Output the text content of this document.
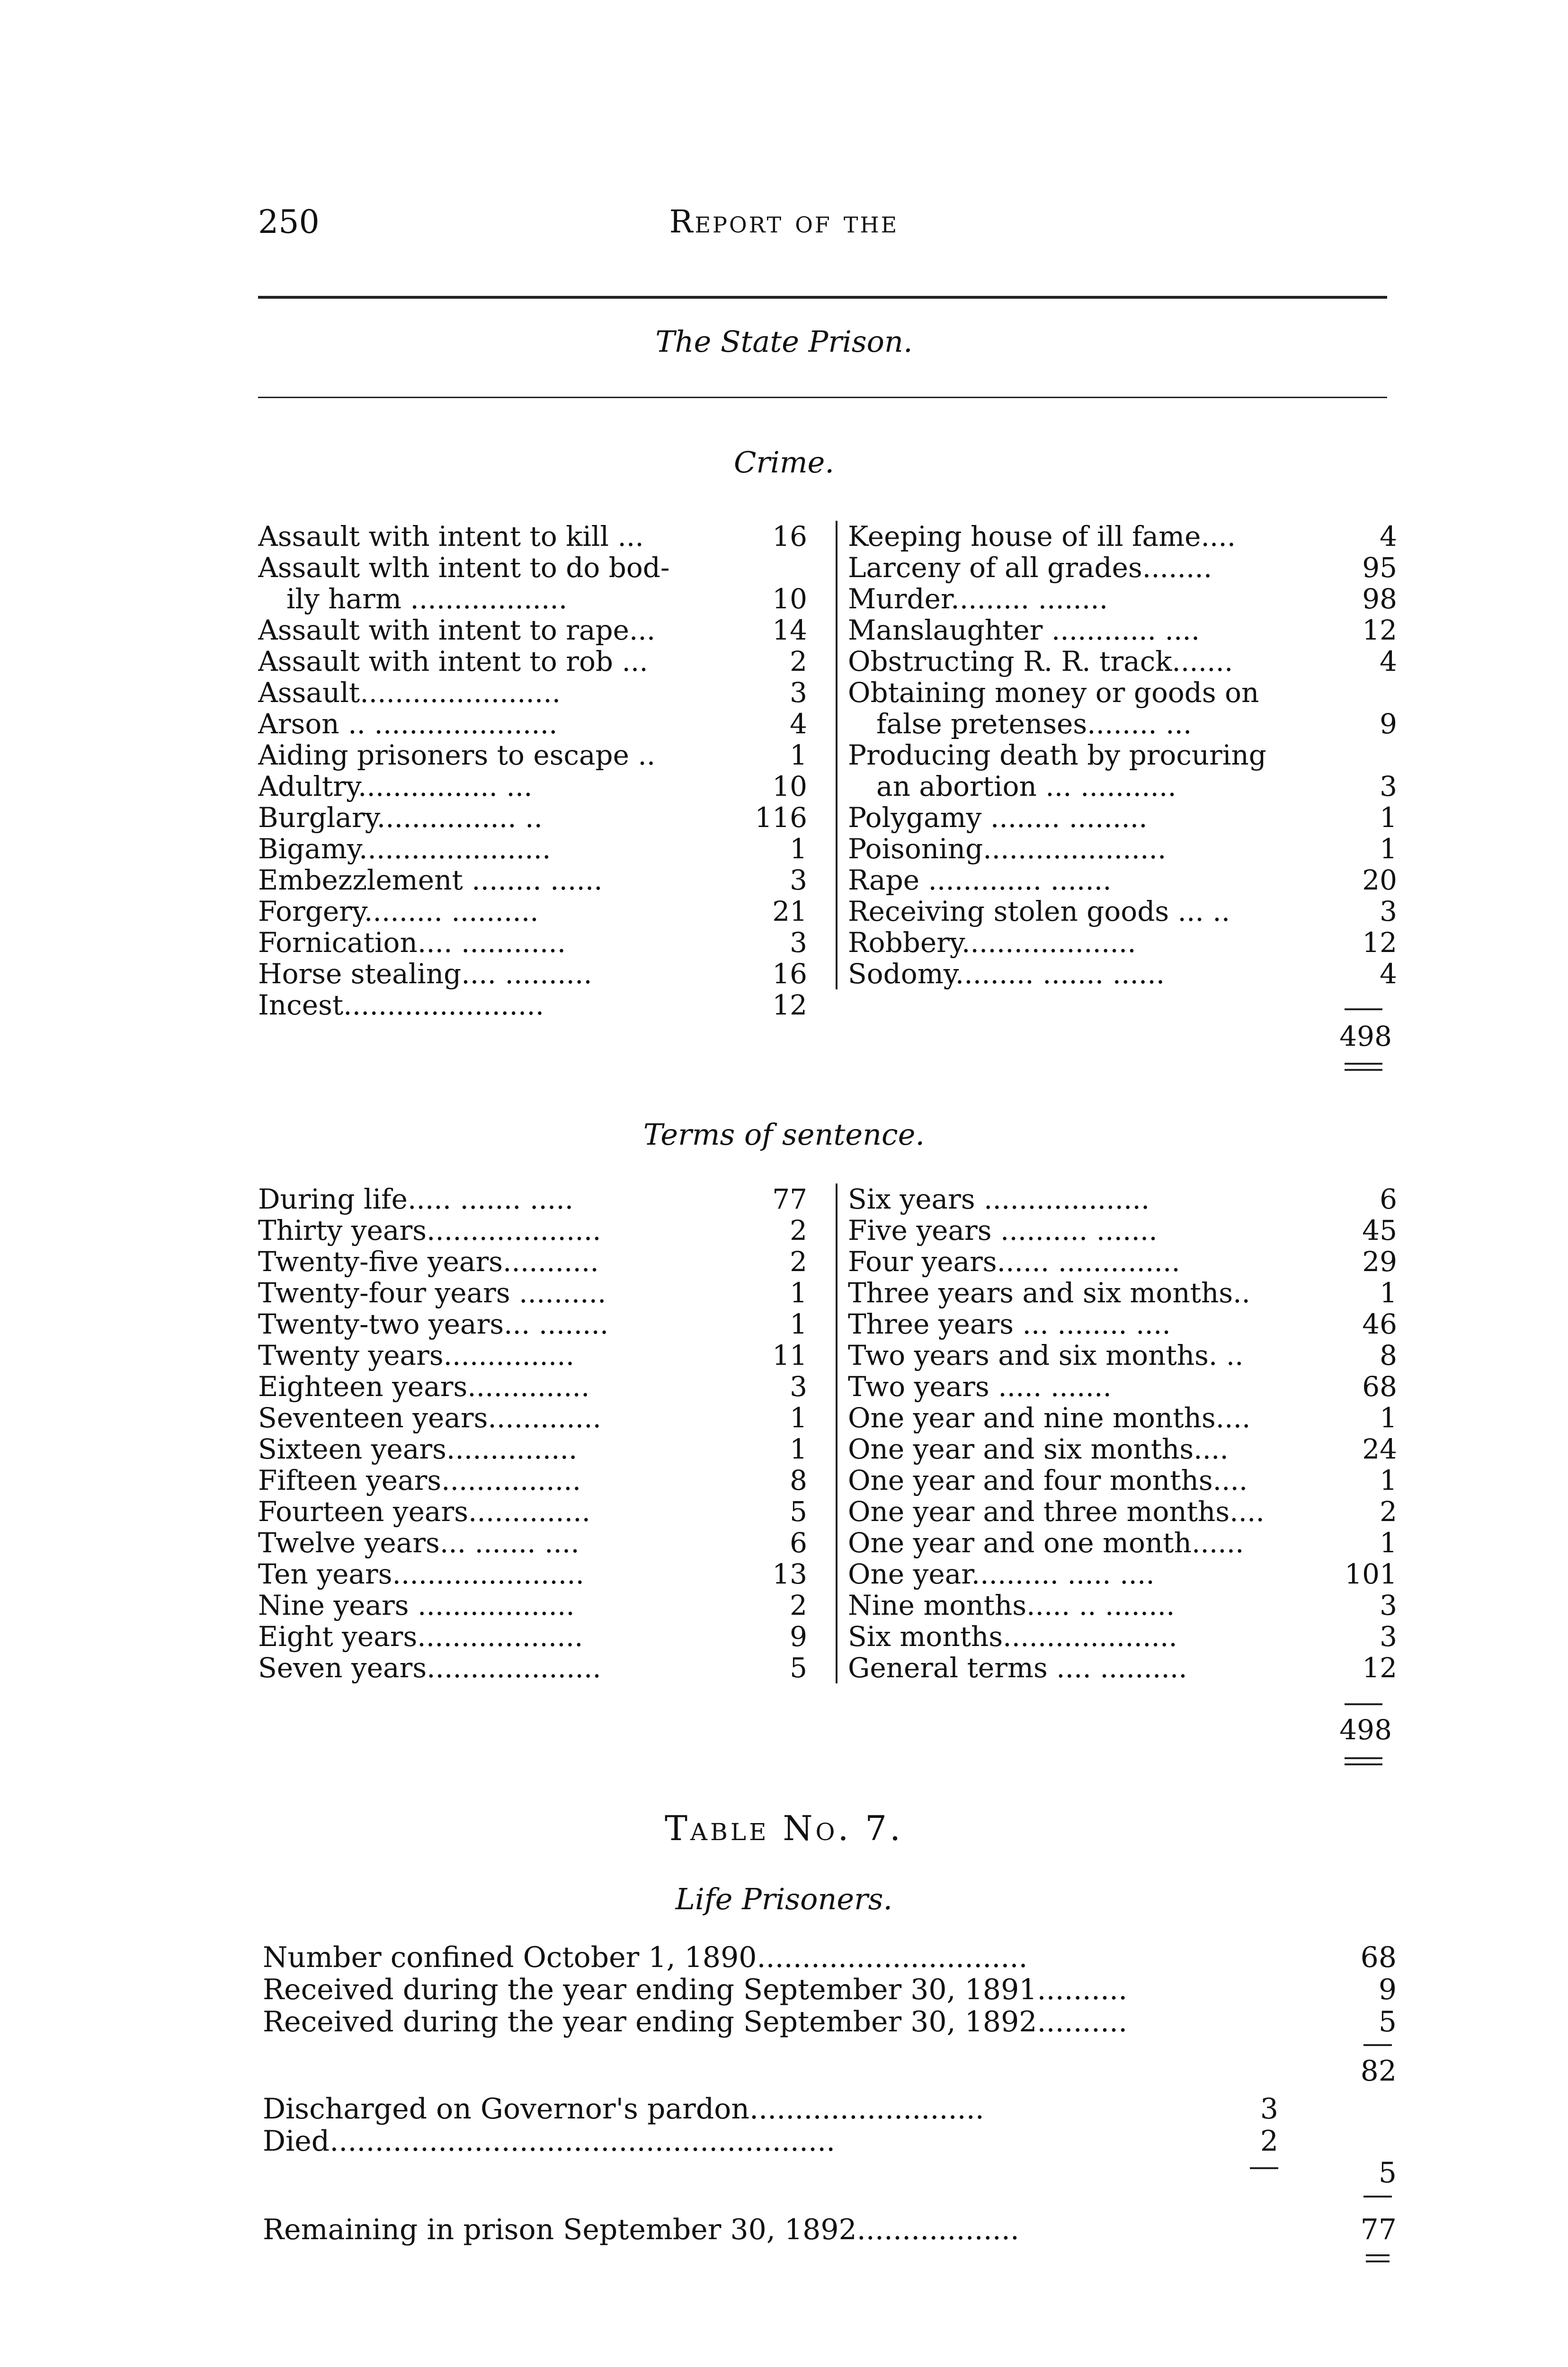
250	Report of the
The State Prison.
Crime.
Assault with intent to kill ...	16
Assault wlth intent to do bod-
ily harm ..................	10
Assault with intent to rape...	14
Assault with intent to rob ...	2
Assault.......................	3
Arson .. .....................	4
Aiding prisoners to escape ..	1
Adultry................ ...	10
Burglary................ ..	116
Bigamy......................	1
Embezzlement ........ ......	3
Forgery......... ..........	21
Fornication.... ............	3
Horse stealing.... ..........	16
Incest.......................	12
Keeping house of ill fame....	4
Larceny of all grades........	95
Murder......... ........	98
Manslaughter ............ ....	12
Obstructing R. R. track.......	4
Obtaining money or goods on
false pretenses........ ...	9
Producing death by procuring
an abortion ... ...........	3
Polygamy ........ .........	1
Poisoning.....................	1
Rape ............. .......	20
Receiving stolen goods ... ..	3
Robbery....................	12
Sodomy......... ....... ......	4
498
Terms of sentence.
During life..... ....... .....	77
Thirty years....................	2
Twenty-five years...........	2
Twenty-four years ..........	1
Twenty-two years... ........	1
Twenty years...............	11
Eighteen years..............	3
Seventeen years.............	1
Sixteen years...............	1
Fifteen years................	8
Fourteen years..............	5
Twelve years... ....... ....	6
Ten years......................	13
Nine years ..................	2
Eight years...................	9
Seven years....................	5
Six years ...................	6
Five years .......... .......	45
Four years...... ..............	29
Three years and six months..	1
Three years ... ........ ....	46
Two years and six months. ..	8
Two years ..... .......	68
One year and nine months....	1
One year and six months....	24
One year and four months....	1
One year and three months....	2
One year and one month......	1
One year.......... ..... ....	101
Nine months..... .. ........	3
Six months....................	3
General terms .... ..........	12
498
Table No. 7.
Life Prisoners.
Number confined October 1, 1890..............................	68
Received during the year ending September 30, 1891..........	9
Received during the year ending September 30, 1892..........	5
82
Discharged on Governor's pardon..........................	3
Died........................................................	2
5
Remaining in prison September 30, 1892..................	77
